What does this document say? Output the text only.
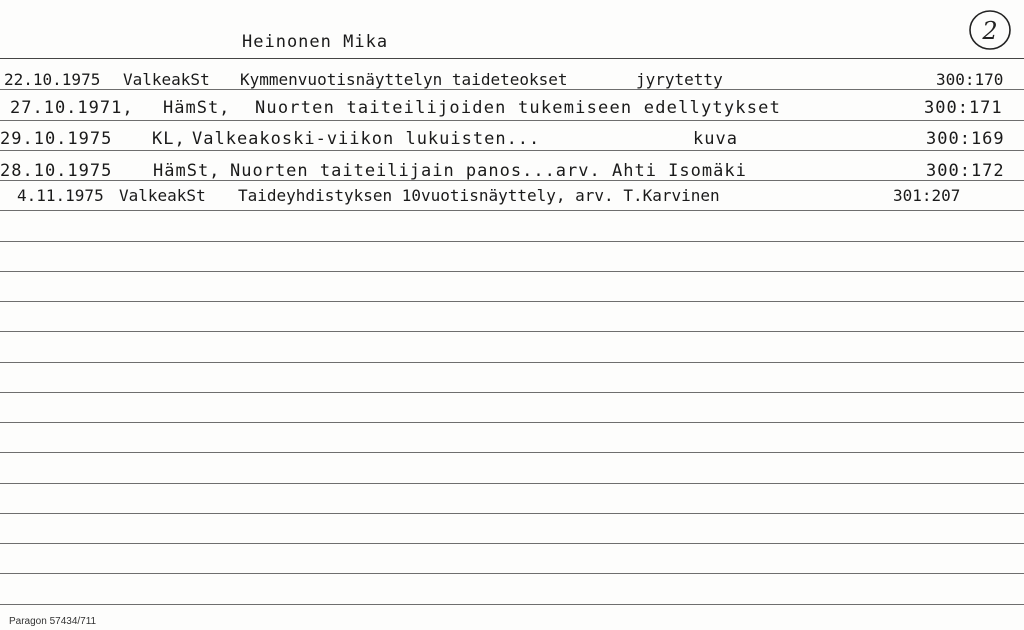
Heinonen Mika	2
22.10.1975 ValkeakSt Kymmenvuotisnäyttelyn taideteokset	jyrytetty	300:170
27.10.1971, HämSt, Nuorten taiteilijoiden tukemiseen edellytykset	300:171
29.10.1975 KL, Valkeakoski-viikon lukuisten...	kuva	300:169
28.10.1975 HämSt, Nuorten taiteilijain panos...arv. Ahti Isomäki	300:172
4.11.1975 ValkeakSt Taideyhdistyksen 10vuotisnäyttely, arv. T.Karvinen	301:207
Paragon 57434/711
